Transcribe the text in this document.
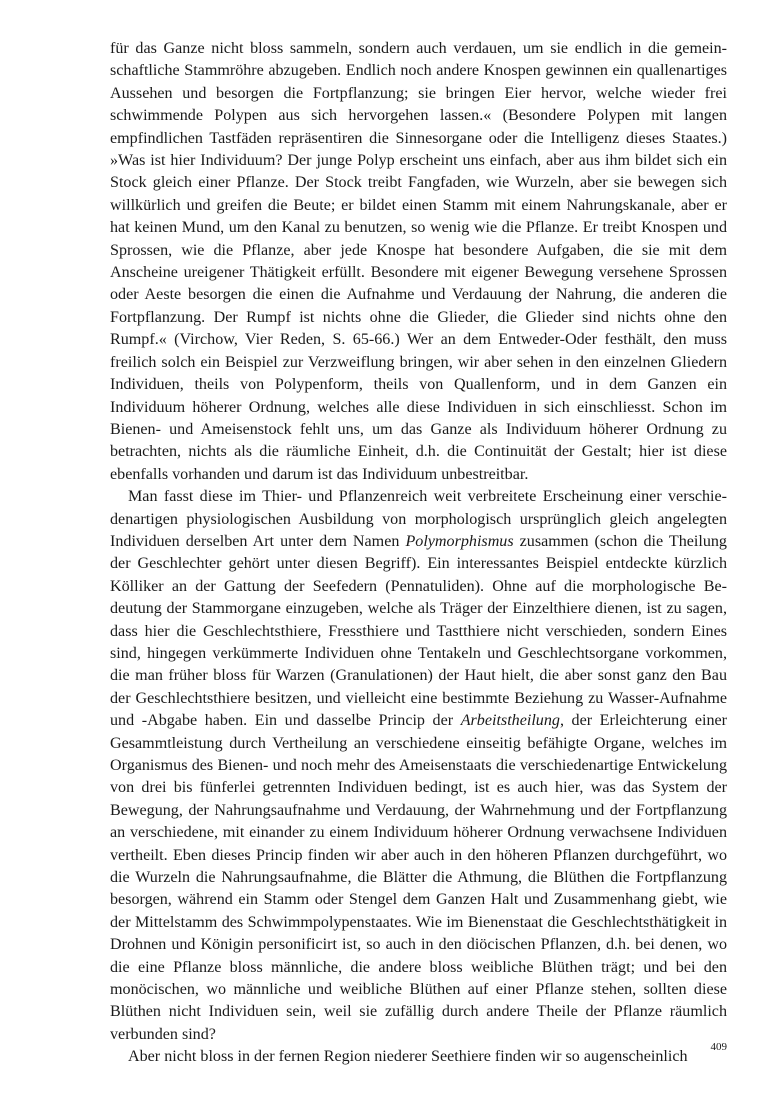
für das Ganze nicht bloss sammeln, sondern auch verdauen, um sie endlich in die gemeinschaftliche Stammröhre abzugeben. Endlich noch andere Knospen gewinnen ein quallenartiges Aussehen und besorgen die Fortpflanzung; sie bringen Eier hervor, welche wieder frei schwimmende Polypen aus sich hervorgehen lassen.« (Besondere Polypen mit langen empfindlichen Tastfäden repräsentiren die Sinnesorgane oder die Intelligenz dieses Staates.) »Was ist hier Individuum? Der junge Polyp erscheint uns einfach, aber aus ihm bildet sich ein Stock gleich einer Pflanze. Der Stock treibt Fangfaden, wie Wurzeln, aber sie bewegen sich willkürlich und greifen die Beute; er bildet einen Stamm mit einem Nahrungskanale, aber er hat keinen Mund, um den Kanal zu benutzen, so wenig wie die Pflanze. Er treibt Knospen und Sprossen, wie die Pflanze, aber jede Knospe hat besondere Aufgaben, die sie mit dem Anscheine ureigener Thätigkeit erfüllt. Besondere mit eigener Bewegung versehene Sprossen oder Aeste besorgen die einen die Aufnahme und Verdauung der Nahrung, die anderen die Fortpflanzung. Der Rumpf ist nichts ohne die Glieder, die Glieder sind nichts ohne den Rumpf.« (Virchow, Vier Reden, S. 65-66.) Wer an dem Entweder-Oder festhält, den muss freilich solch ein Beispiel zur Verzweiflung bringen, wir aber sehen in den einzelnen Gliedern Individuen, theils von Polypenform, theils von Quallenform, und in dem Ganzen ein Individuum höherer Ordnung, welches alle diese Individuen in sich einschliesst. Schon im Bienen- und Ameisenstock fehlt uns, um das Ganze als Individuum höherer Ordnung zu betrachten, nichts als die räumliche Einheit, d.h. die Continuität der Gestalt; hier ist diese ebenfalls vorhanden und darum ist das Individuum unbestreitbar.

Man fasst diese im Thier- und Pflanzenreich weit verbreitete Erscheinung einer verschiedenartigen physiologischen Ausbildung von morphologisch ursprünglich gleich angelegten Individuen derselben Art unter dem Namen Polymorphismus zusammen (schon die Theilung der Geschlechter gehört unter diesen Begriff). Ein interessantes Beispiel entdeckte kürzlich Kölliker an der Gattung der Seefedern (Pennatuliden). Ohne auf die morphologische Bedeutung der Stammorgane einzugeben, welche als Träger der Einzelthiere dienen, ist zu sagen, dass hier die Geschlechtsthiere, Fressthiere und Tastthiere nicht verschieden, sondern Eines sind, hingegen verkümmerte Individuen ohne Tentakeln und Geschlechtsorgane vorkommen, die man früher bloss für Warzen (Granulationen) der Haut hielt, die aber sonst ganz den Bau der Geschlechtsthiere besitzen, und vielleicht eine bestimmte Beziehung zu Wasser-Aufnahme und -Abgabe haben. Ein und dasselbe Princip der Arbeitstheilung, der Erleichterung einer Gesammtleistung durch Vertheilung an verschiedene einseitig befähigte Organe, welches im Organismus des Bienen- und noch mehr des Ameisenstaats die verschiedenartige Entwickelung von drei bis fünferlei getrennten Individuen bedingt, ist es auch hier, was das System der Bewegung, der Nahrungsaufnahme und Verdauung, der Wahrnehmung und der Fortpflanzung an verschiedene, mit einander zu einem Individuum höherer Ordnung verwachsene Individuen vertheilt. Eben dieses Princip finden wir aber auch in den höheren Pflanzen durchgeführt, wo die Wurzeln die Nahrungsaufnahme, die Blätter die Athmung, die Blüthen die Fortpflanzung besorgen, während ein Stamm oder Stengel dem Ganzen Halt und Zusammenhang giebt, wie der Mittelstamm des Schwimmpolypenstaates. Wie im Bienenstaat die Geschlechtsthätigkeit in Drohnen und Königin personificirt ist, so auch in den diöcischen Pflanzen, d.h. bei denen, wo die eine Pflanze bloss männliche, die andere bloss weibliche Blüthen trägt; und bei den monöcischen, wo männliche und weibliche Blüthen auf einer Pflanze stehen, sollten diese Blüthen nicht Individuen sein, weil sie zufällig durch andere Theile der Pflanze räumlich verbunden sind?

Aber nicht bloss in der fernen Region niederer Seethiere finden wir so augenscheinlich

409
